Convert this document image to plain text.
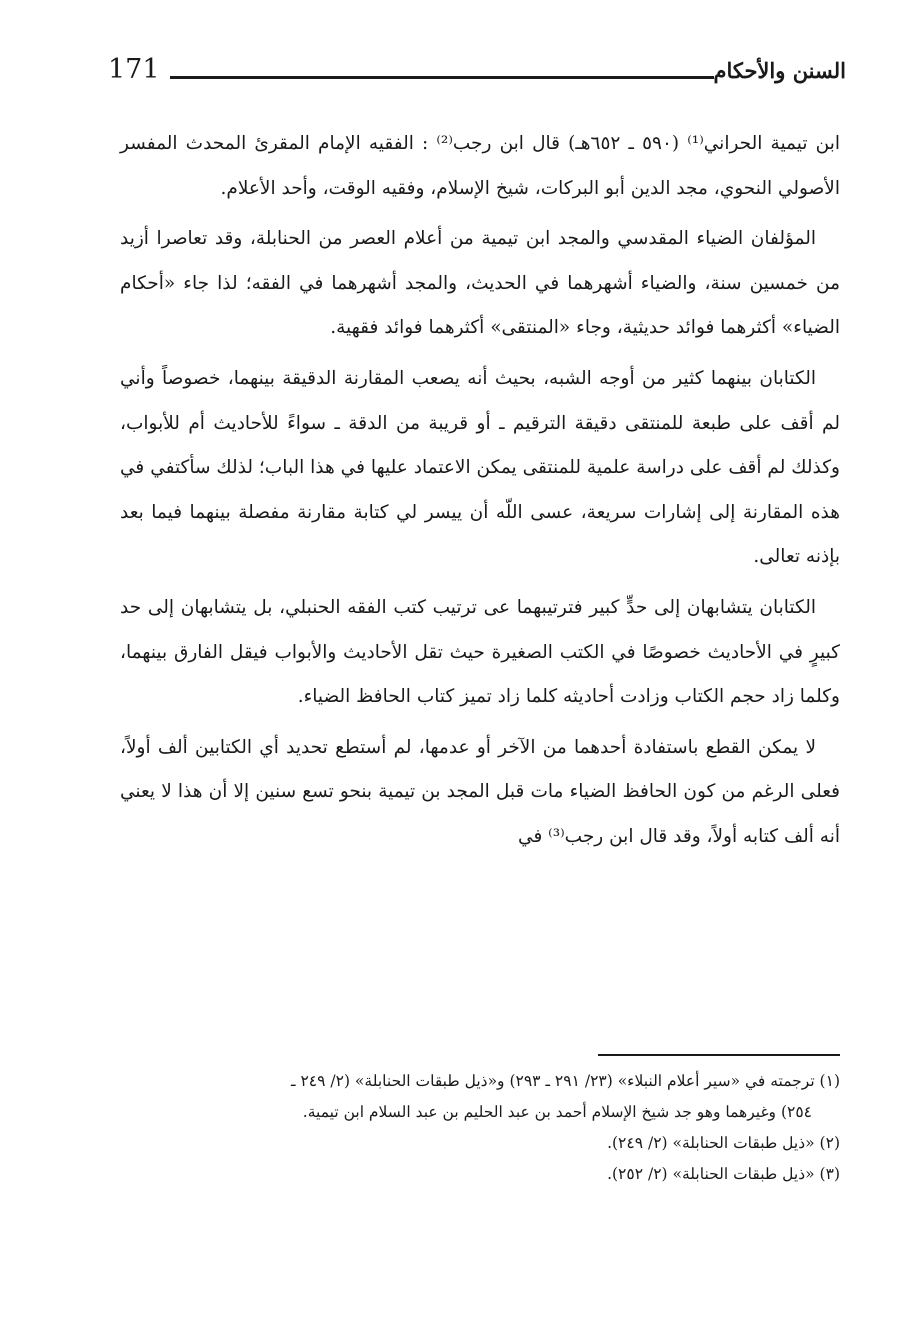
171	السنن والأحكام

ابن تيمية الحراني⁽¹⁾ (٥٩٠ ـ ٦٥٢هـ) قال ابن رجب⁽²⁾ : الفقيه الإمام المقرئ المحدث المفسر الأصولي النحوي، مجد الدين أبو البركات، شيخ الإسلام، وفقيه الوقت، وأحد الأعلام.

المؤلفان الضياء المقدسي والمجد ابن تيمية من أعلام العصر من الحنابلة، وقد تعاصرا أزيد من خمسين سنة، والضياء أشهرهما في الحديث، والمجد أشهرهما في الفقه؛ لذا جاء «أحكام الضياء» أكثرهما فوائد حديثية، وجاء «المنتقى» أكثرهما فوائد فقهية.

الكتابان بينهما كثير من أوجه الشبه، بحيث أنه يصعب المقارنة الدقيقة بينهما، خصوصاً وأني لم أقف على طبعة للمنتقى دقيقة الترقيم ـ أو قريبة من الدقة ـ سواءً للأحاديث أم للأبواب، وكذلك لم أقف على دراسة علمية للمنتقى يمكن الاعتماد عليها في هذا الباب؛ لذلك سأكتفي في هذه المقارنة إلى إشارات سريعة، عسى اللّه أن ييسر لي كتابة مقارنة مفصلة بينهما فيما بعد بإذنه تعالى.

الكتابان يتشابهان إلى حدٍّ كبير فترتيبهما عى ترتيب كتب الفقه الحنبلي، بل يتشابهان إلى حد كبيرٍ في الأحاديث خصوصًا في الكتب الصغيرة حيث تقل الأحاديث والأبواب فيقل الفارق بينهما، وكلما زاد حجم الكتاب وزادت أحاديثه كلما زاد تميز كتاب الحافظ الضياء.

لا يمكن القطع باستفادة أحدهما من الآخر أو عدمها، لم أستطع تحديد أي الكتابين ألف أولاً، فعلى الرغم من كون الحافظ الضياء مات قبل المجد بن تيمية بنحو تسع سنين إلا أن هذا لا يعني أنه ألف كتابه أولاً، وقد قال ابن رجب⁽³⁾ في

(١) ترجمته في «سير أعلام النبلاء» (٢٣/ ٢٩١ ـ ٢٩٣) و«ذيل طبقات الحنابلة» (٢/ ٢٤٩ ـ

٢٥٤) وغيرهما وهو جد شيخ الإسلام أحمد بن عبد الحليم بن عبد السلام ابن تيمية.

(٢) «ذيل طبقات الحنابلة» (٢/ ٢٤٩).

(٣) «ذيل طبقات الحنابلة» (٢/ ٢٥٢).
